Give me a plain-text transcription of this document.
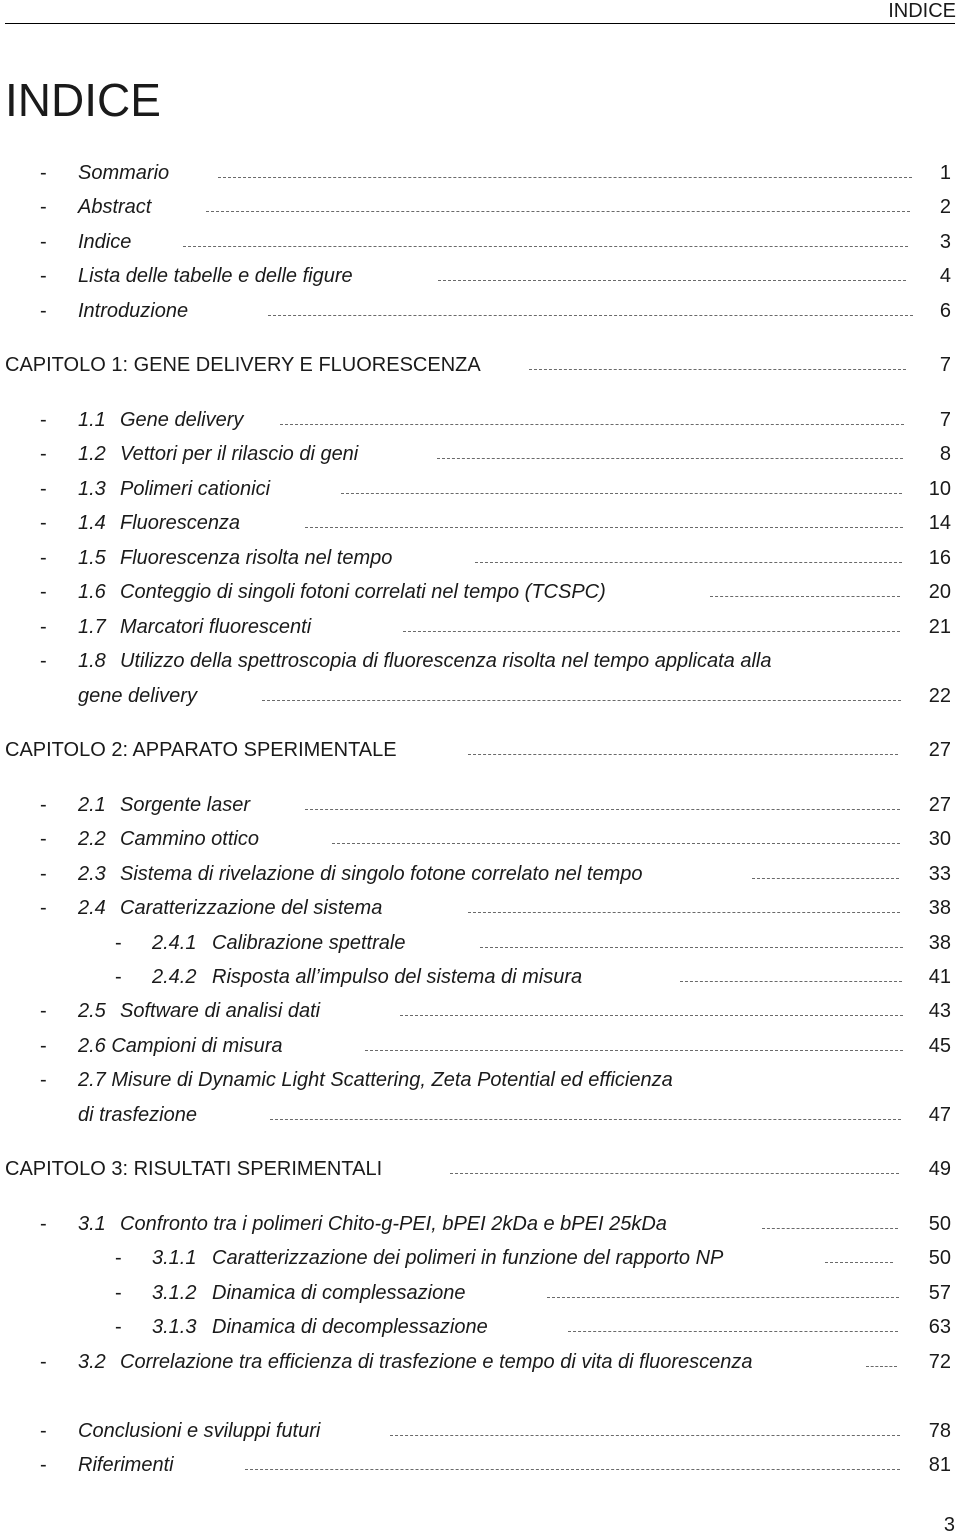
INDICE
INDICE
- Sommario	1
- Abstract	2
- Indice	3
- Lista delle tabelle e delle figure	4
- Introduzione	6
CAPITOLO 1: GENE DELIVERY E FLUORESCENZA	7
- 1.1 Gene delivery	7
- 1.2 Vettori per il rilascio di geni	8
- 1.3 Polimeri cationici	10
- 1.4 Fluorescenza	14
- 1.5 Fluorescenza risolta nel tempo	16
- 1.6 Conteggio di singoli fotoni correlati nel tempo (TCSPC)	20
- 1.7 Marcatori fluorescenti	21
- 1.8 Utilizzo della spettroscopia di fluorescenza risolta nel tempo applicata alla
gene delivery	22
CAPITOLO 2: APPARATO SPERIMENTALE	27
- 2.1 Sorgente laser	27
- 2.2 Cammino ottico	30
- 2.3 Sistema di rivelazione di singolo fotone correlato nel tempo	33
- 2.4 Caratterizzazione del sistema	38
- 2.4.1 Calibrazione spettrale	38
- 2.4.2 Risposta all’impulso del sistema di misura	41
- 2.5 Software di analisi dati	43
- 2.6 Campioni di misura	45
- 2.7 Misure di Dynamic Light Scattering, Zeta Potential ed efficienza
di trasfezione	47
CAPITOLO 3: RISULTATI SPERIMENTALI	49
- 3.1 Confronto tra i polimeri Chito-g-PEI, bPEI 2kDa e bPEI 25kDa	50
- 3.1.1 Caratterizzazione dei polimeri in funzione del rapporto NP	50
- 3.1.2 Dinamica di complessazione	57
- 3.1.3 Dinamica di decomplessazione	63
- 3.2 Correlazione tra efficienza di trasfezione e tempo di vita di fluorescenza	72
- Conclusioni e sviluppi futuri	78
- Riferimenti	81
3
